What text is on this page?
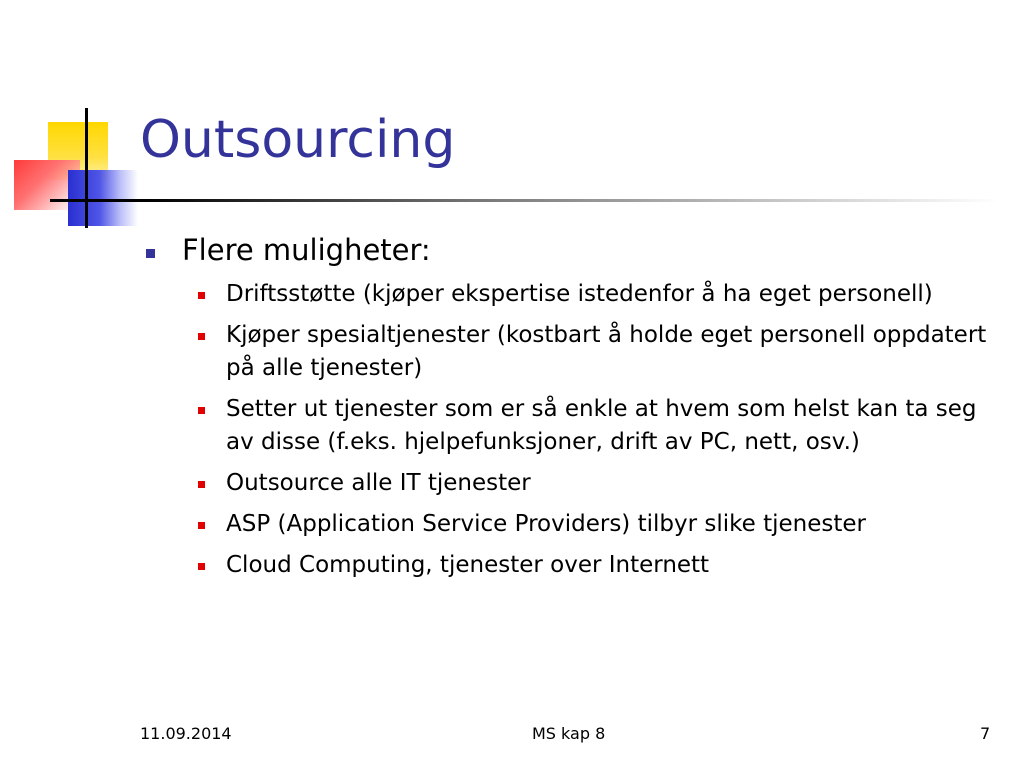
Outsourcing
Flere muligheter:
Driftsstøtte (kjøper ekspertise istedenfor å ha eget personell)
Kjøper spesialtjenester (kostbart å holde eget personell oppdatert på alle tjenester)
Setter ut tjenester som er så enkle at hvem som helst kan ta seg av disse (f.eks. hjelpefunksjoner, drift av PC, nett, osv.)
Outsource alle IT tjenester
ASP (Application Service Providers) tilbyr slike tjenester
Cloud Computing, tjenester over Internett
11.09.2014	MS kap 8	7
